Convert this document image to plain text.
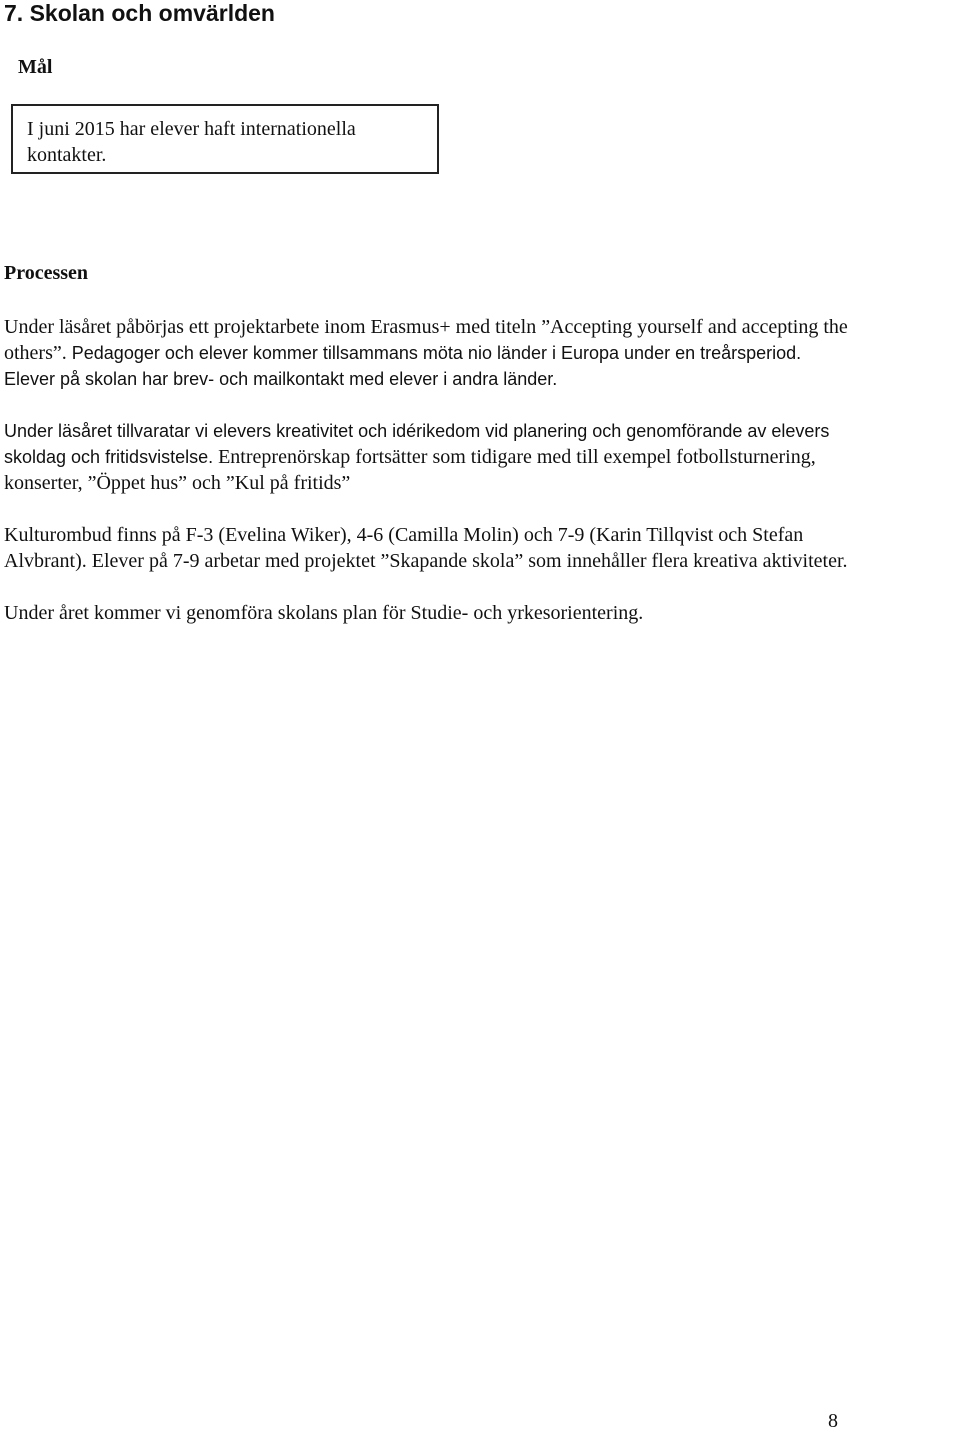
7. Skolan och omvärlden
Mål
I juni 2015 har elever haft internationella
kontakter.
Processen

Under läsåret påbörjas ett projektarbete inom Erasmus+ med titeln ”Accepting yourself and accepting the
others”. Pedagoger och elever kommer tillsammans möta nio länder i Europa under en treårsperiod.
Elever på skolan har brev- och mailkontakt med elever i andra länder.

Under läsåret tillvaratar vi elevers kreativitet och idérikedom vid planering och genomförande av elevers
skoldag och fritidsvistelse. Entreprenörskap fortsätter som tidigare med till exempel fotbollsturnering,
konserter, ”Öppet hus” och ”Kul på fritids”

Kulturombud finns på F-3 (Evelina Wiker), 4-6 (Camilla Molin) och 7-9 (Karin Tillqvist och Stefan
Alvbrant). Elever på 7-9 arbetar med projektet ”Skapande skola” som innehåller flera kreativa aktiviteter.

Under året kommer vi genomföra skolans plan för Studie- och yrkesorientering.

8
